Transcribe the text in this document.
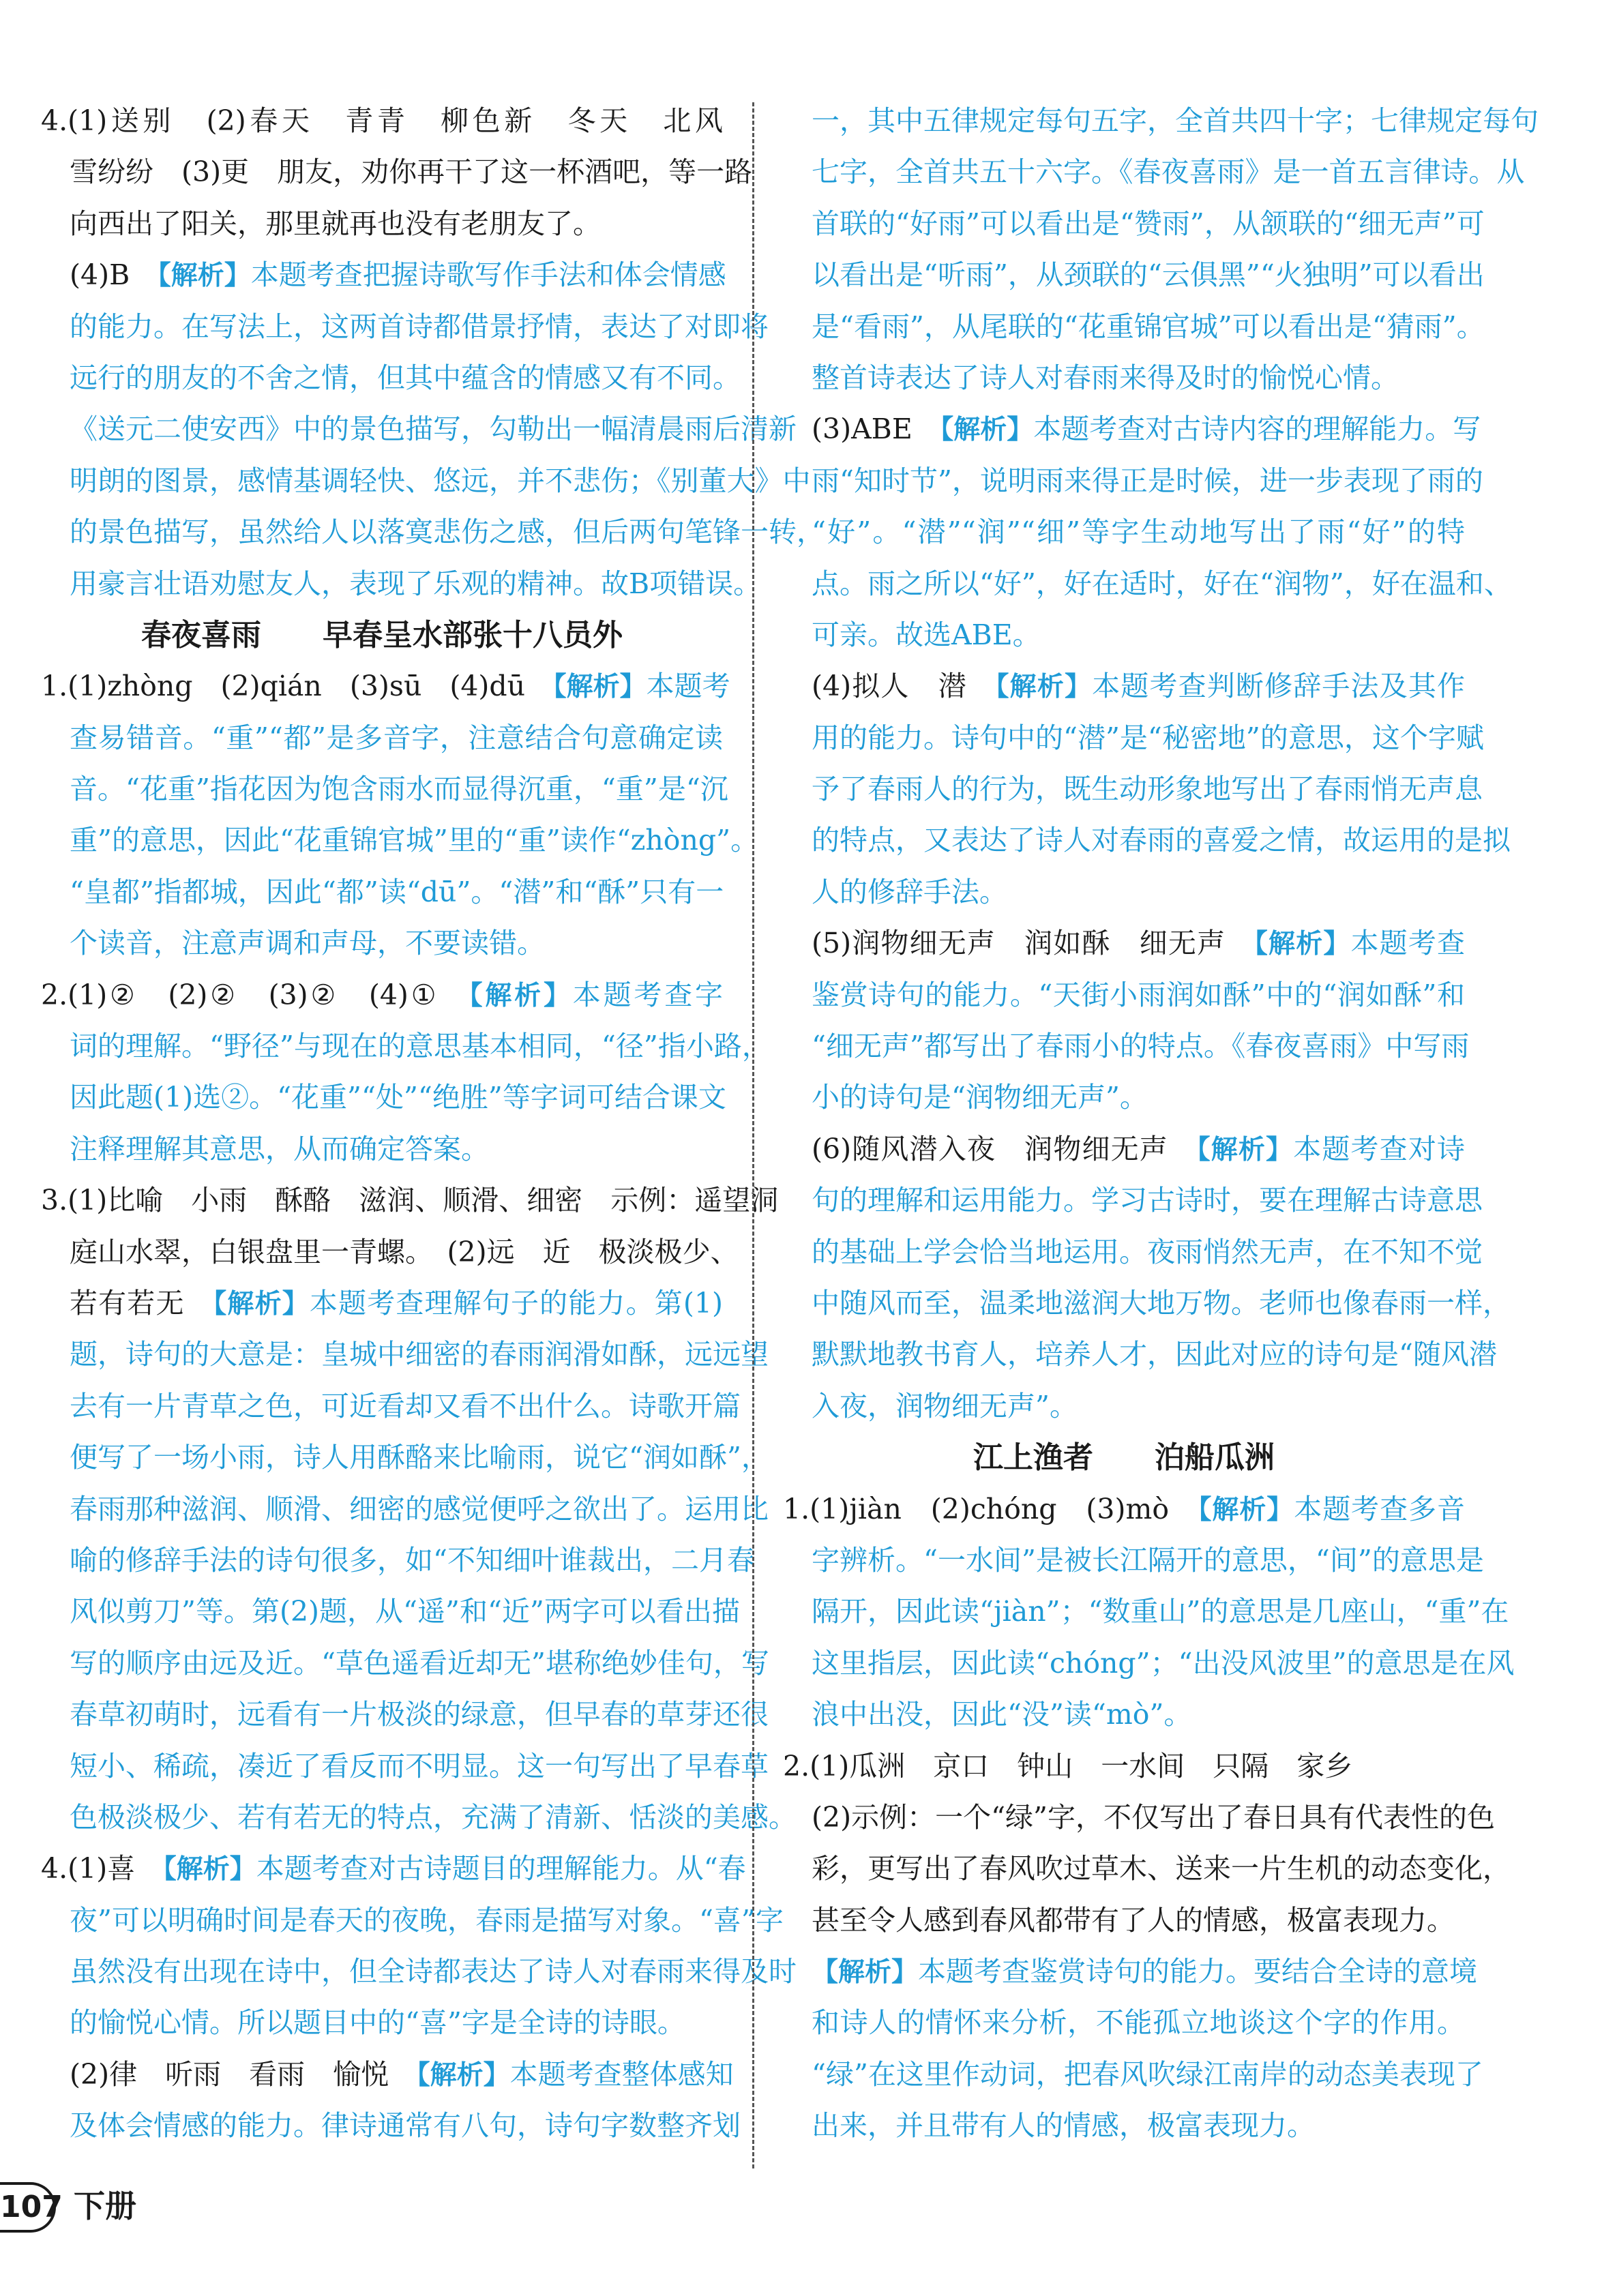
4.(1)送别　(2)春天　青青　柳色新　冬天　北风
雪纷纷　(3)更　朋友，劝你再干了这一杯酒吧，等一路
向西出了阳关，那里就再也没有老朋友了。
(4)B　【解析】本题考查把握诗歌写作手法和体会情感
的能力。在写法上，这两首诗都借景抒情，表达了对即将
远行的朋友的不舍之情，但其中蕴含的情感又有不同。
《送元二使安西》中的景色描写，勾勒出一幅清晨雨后清新
明朗的图景，感情基调轻快、悠远，并不悲伤；《别董大》中
的景色描写，虽然给人以落寞悲伤之感，但后两句笔锋一转，
用豪言壮语劝慰友人，表现了乐观的精神。故B项错误。
春夜喜雨 早春呈水部张十八员外
1.(1)zhòng　(2)qián　(3)sū　(4)dū　【解析】本题考
查易错音。“重”“都”是多音字，注意结合句意确定读
音。“花重”指花因为饱含雨水而显得沉重，“重”是“沉
重”的意思，因此“花重锦官城”里的“重”读作“zhòng”。
“皇都”指都城，因此“都”读“dū”。“潜”和“酥”只有一
个读音，注意声调和声母，不要读错。
2.(1)②　(2)②　(3)②　(4)①　【解析】本题考查字
词的理解。“野径”与现在的意思基本相同，“径”指小路，
因此题(1)选②。“花重”“处”“绝胜”等字词可结合课文
注释理解其意思，从而确定答案。
3.(1)比喻　小雨　酥酪　滋润、顺滑、细密　示例：遥望洞
庭山水翠，白银盘里一青螺。　(2)远　近　极淡极少、
若有若无　【解析】本题考查理解句子的能力。第(1)
题，诗句的大意是：皇城中细密的春雨润滑如酥，远远望
去有一片青草之色，可近看却又看不出什么。诗歌开篇
便写了一场小雨，诗人用酥酪来比喻雨，说它“润如酥”，
春雨那种滋润、顺滑、细密的感觉便呼之欲出了。运用比
喻的修辞手法的诗句很多，如“不知细叶谁裁出，二月春
风似剪刀”等。第(2)题，从“遥”和“近”两字可以看出描
写的顺序由远及近。“草色遥看近却无”堪称绝妙佳句，写
春草初萌时，远看有一片极淡的绿意，但早春的草芽还很
短小、稀疏，凑近了看反而不明显。这一句写出了早春草
色极淡极少、若有若无的特点，充满了清新、恬淡的美感。
4.(1)喜　【解析】本题考查对古诗题目的理解能力。从“春
夜”可以明确时间是春天的夜晚，春雨是描写对象。“喜”字
虽然没有出现在诗中，但全诗都表达了诗人对春雨来得及时
的愉悦心情。所以题目中的“喜”字是全诗的诗眼。
(2)律　听雨　看雨　愉悦　【解析】本题考查整体感知
及体会情感的能力。律诗通常有八句，诗句字数整齐划
一，其中五律规定每句五字，全首共四十字；七律规定每句
七字，全首共五十六字。《春夜喜雨》是一首五言律诗。从
首联的“好雨”可以看出是“赞雨”，从颔联的“细无声”可
以看出是“听雨”，从颈联的“云俱黑”“火独明”可以看出
是“看雨”，从尾联的“花重锦官城”可以看出是“猜雨”。
整首诗表达了诗人对春雨来得及时的愉悦心情。
(3)ABE　【解析】本题考查对古诗内容的理解能力。写
雨“知时节”，说明雨来得正是时候，进一步表现了雨的
“好”。“潜”“润”“细”等字生动地写出了雨“好”的特
点。雨之所以“好”，好在适时，好在“润物”，好在温和、
可亲。故选ABE。
(4)拟人　潜　【解析】本题考查判断修辞手法及其作
用的能力。诗句中的“潜”是“秘密地”的意思，这个字赋
予了春雨人的行为，既生动形象地写出了春雨悄无声息
的特点，又表达了诗人对春雨的喜爱之情，故运用的是拟
人的修辞手法。
(5)润物细无声　润如酥　细无声　【解析】本题考查
鉴赏诗句的能力。“天街小雨润如酥”中的“润如酥”和
“细无声”都写出了春雨小的特点。《春夜喜雨》中写雨
小的诗句是“润物细无声”。
(6)随风潜入夜　润物细无声　【解析】本题考查对诗
句的理解和运用能力。学习古诗时，要在理解古诗意思
的基础上学会恰当地运用。夜雨悄然无声，在不知不觉
中随风而至，温柔地滋润大地万物。老师也像春雨一样，
默默地教书育人，培养人才，因此对应的诗句是“随风潜
入夜，润物细无声”。
江上渔者 泊船瓜洲
1.(1)jiàn　(2)chóng　(3)mò　【解析】本题考查多音
字辨析。“一水间”是被长江隔开的意思，“间”的意思是
隔开，因此读“jiàn”；“数重山”的意思是几座山，“重”在
这里指层，因此读“chóng”；“出没风波里”的意思是在风
浪中出没，因此“没”读“mò”。
2.(1)瓜洲　京口　钟山　一水间　只隔　家乡
(2)示例：一个“绿”字，不仅写出了春日具有代表性的色
彩，更写出了春风吹过草木、送来一片生机的动态变化，
甚至令人感到春风都带有了人的情感，极富表现力。
【解析】本题考查鉴赏诗句的能力。要结合全诗的意境
和诗人的情怀来分析，不能孤立地谈这个字的作用。
“绿”在这里作动词，把春风吹绿江南岸的动态美表现了
出来，并且带有人的情感，极富表现力。
107 下册
